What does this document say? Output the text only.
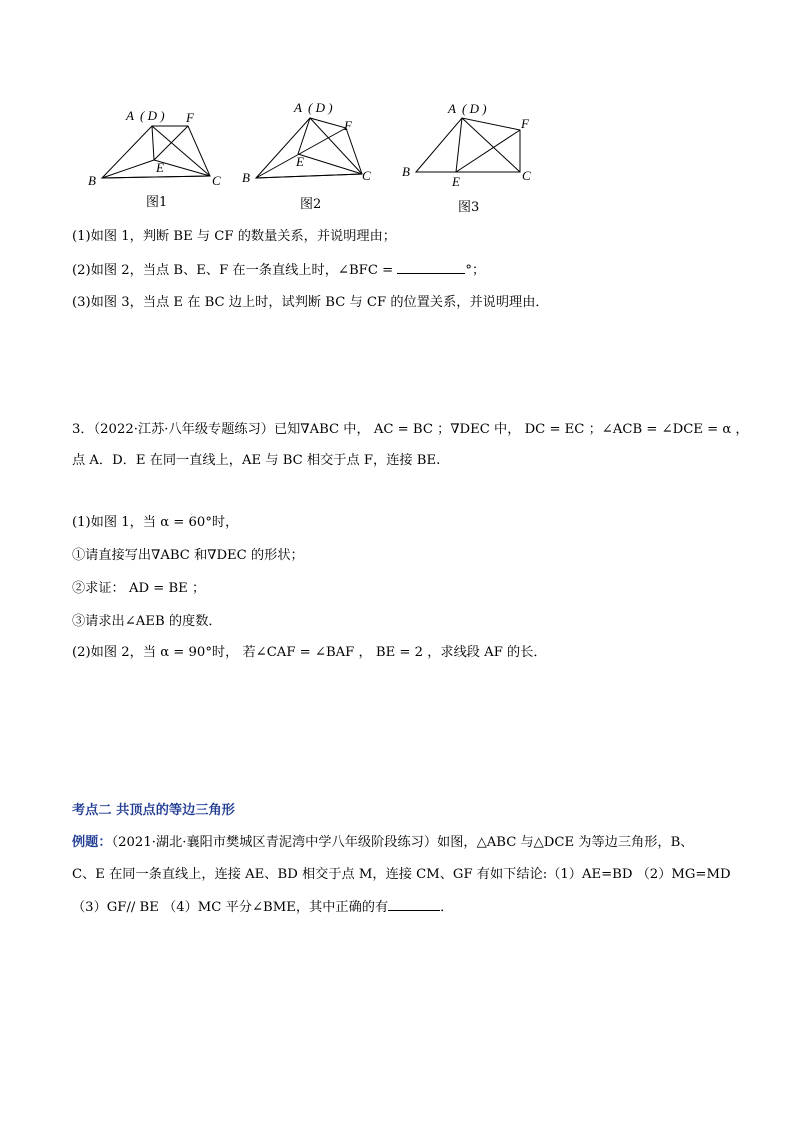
A ( D ) F
E
B	C
图1
A ( D )
F
E
B	C
图2
A ( D )
F
E
B	C
图3
(1)如图 1，判断 BE 与 CF 的数量关系，并说明理由；
(2)如图 2，当点 B、E、F 在一条直线上时，∠BFC =	°；
(3)如图 3，当点 E 在 BC 边上时，试判断 BC 与 CF 的位置关系，并说明理由．
3．（2022·江苏·八年级专题练习）已知∇ABC 中， AC = BC ；∇DEC 中， DC = EC ；∠ACB = ∠DCE = α ，
点 A．D．E 在同一直线上，AE 与 BC 相交于点 F，连接 BE.
(1)如图 1，当 α = 60°时，
①请直接写出∇ABC 和∇DEC 的形状；
②求证： AD = BE ；
③请求出∠AEB 的度数．
(2)如图 2，当 α = 90°时， 若∠CAF = ∠BAF ， BE = 2 ，求线段 AF 的长．
考点二 共顶点的等边三角形
例题：（2021·湖北·襄阳市樊城区青泥湾中学八年级阶段练习）如图，△ABC 与△DCE 为等边三角形，B、
C、E 在同一条直线上，连接 AE、BD 相交于点 M，连接 CM、GF 有如下结论:（1）AE=BD （2）MG=MD
（3）GF// BE （4）MC 平分∠BME，其中正确的有	．
